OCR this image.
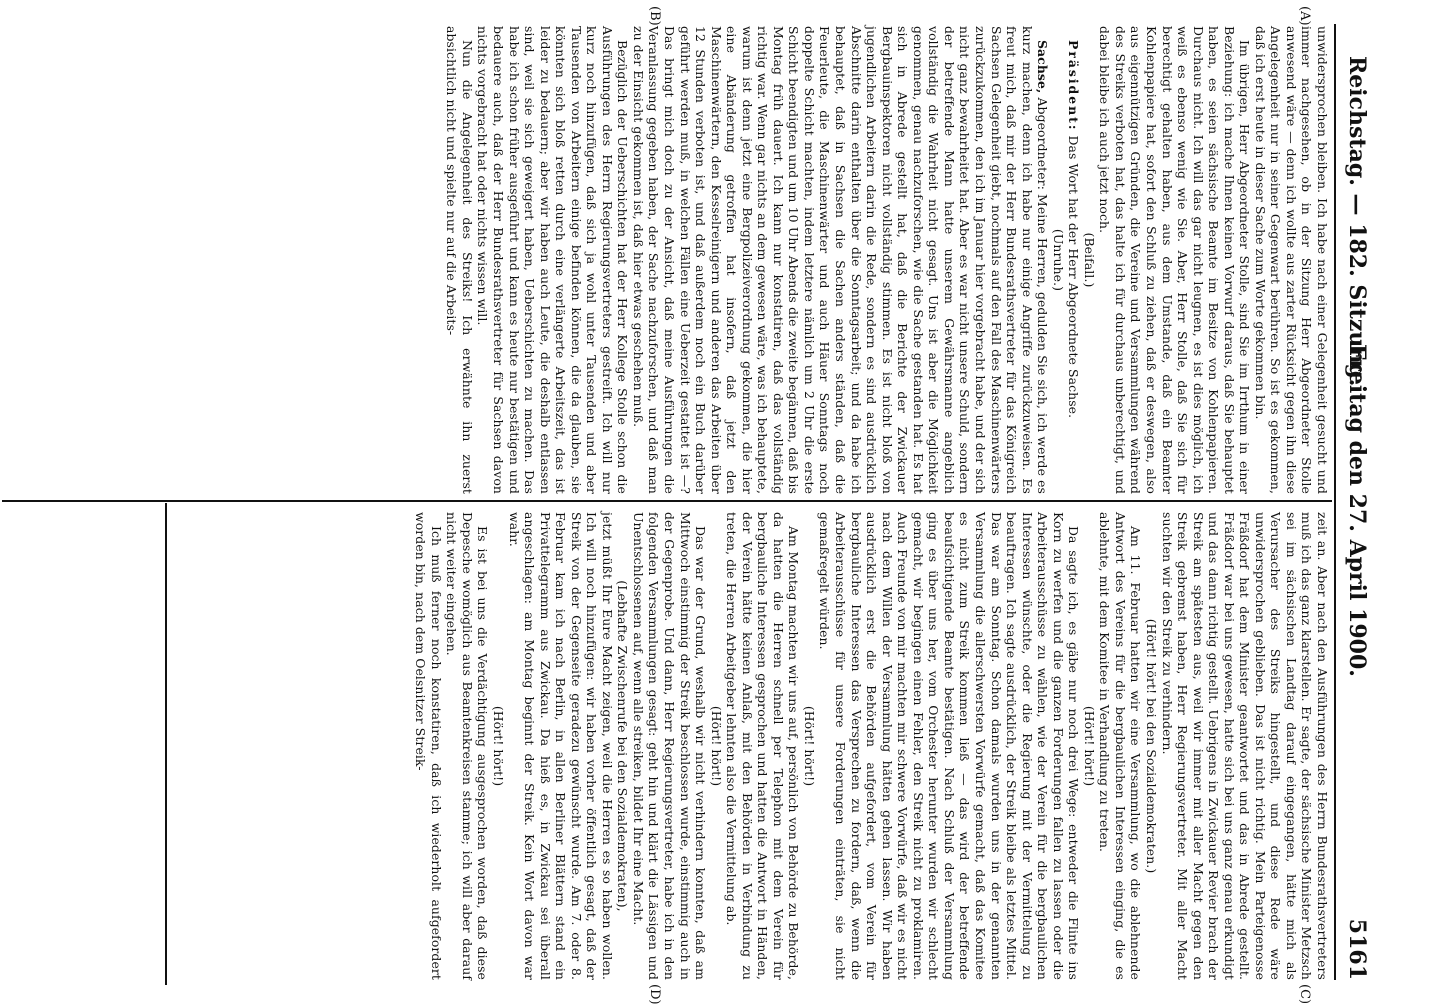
Reichstag. — 182. Sitzung.
Freitag den 27. April 1900.
5161
(A)
(B)
(C)
(D)

unwidersprochen bleiben. Ich habe nach einer Gelegenheit gesucht und immer nachgesehen, ob in der Sitzung Herr Abgeordneter Stolle anwesend wäre — denn ich wollte aus zarter Rücksicht gegen ihn diese Angelegenheit nur in seiner Gegenwart berühren. So ist es gekommen, daß ich erst heute in dieser Sache zum Worte gekommen bin.

Im übrigen, Herr Abgeordneter Stolle, sind Sie im Irrthum in einer Beziehung: ich mache Ihnen keinen Vorwurf daraus, daß Sie behauptet haben, es seien sächsische Beamte im Besitze von Kohlenpapieren. Durchaus nicht. Ich will das gar nicht leugnen, es ist dies möglich, ich weiß es ebenso wenig wie Sie. Aber, Herr Stolle, daß Sie sich für berechtigt gehalten haben, aus dem Umstande, daß ein Beamter Kohlenpapiere hat, sofort den Schluß zu ziehen, daß er deswegen, also aus eigennützigen Gründen, die Vereine und Versammlungen während des Streiks verboten hat, das halte ich für durchaus unberechtigt, und dabei bleibe ich auch jetzt noch.

(Beifall.)

Präsident: Das Wort hat der Herr Abgeordnete Sachse.

(Unruhe.)

Sachse, Abgeordneter: Meine Herren, gedulden Sie sich, ich werde es kurz machen, denn ich habe nur einige Angriffe zurückzuweisen. Es freut mich, daß mir der Herr Bundesrathsvertreter für das Königreich Sachsen Gelegenheit giebt, nochmals auf den Fall des Maschinenwärters zurückzukommen, den ich im Januar hier vorgebracht habe, und der sich nicht ganz bewahrheitet hat. Aber es war nicht unsere Schuld, sondern der betreffende Mann hatte unserem Gewährsmanne angeblich vollständig die Wahrheit nicht gesagt. Uns ist aber die Möglichkeit genommen, genau nachzuforschen, wie die Sache gestanden hat. Es hat sich in Abrede gestellt hat, daß die Berichte der Zwickauer Bergbauinspektoren nicht vollständig stimmen. Es ist nicht bloß von jugendlichen Arbeitern darin die Rede, sondern es sind ausdrücklich Abschnitte darin enthalten über die Sonntagsarbeit; und da habe ich behauptet, daß in Sachsen die Sachen anders ständen, daß die Feuerleute, die Maschinenwärter und auch Häuer Sonntags noch doppelte Schicht machten, indem letztere nämlich um 2 Uhr die erste Schicht beendigten und um 10 Uhr Abends die zweite begännen, daß bis Montag früh dauert. Ich kann nur konstatiren, daß das vollständig richtig war. Wenn gar nichts an dem gewesen wäre, was ich behauptete, warum ist denn jetzt eine Bergpolizeiverordnung gekommen, die hier eine Abänderung getroffen hat insofern, daß jetzt den Maschinenwärtern, den Kesselreinigern und anderen das Arbeiten über 12 Stunden verboten ist, und daß außerdem noch ein Buch darüber geführt werden muß, in welchen Fällen eine Ueberzeit gestattet ist —? Das bringt mich doch zu der Ansicht, daß meine Ausführungen die Veranlassung gegeben haben, der Sache nachzuforschen, und daß man zu der Einsicht gekommen ist, daß hier etwas geschehen muß.

Bezüglich der Ueberschichten hat der Herr Kollege Stolle schon die Ausführungen des Herrn Regierungsvertreters gestreift. Ich will nur kurz noch hinzufügen, daß sich ja wohl unter Tausenden und aber Tausenden von Arbeitern einige befinden können, die da glauben, sie könnten sich bloß retten durch eine verlängerte Arbeitszeit, das ist leider zu bedauern; aber wir haben auch Leute, die deshalb entlassen sind, weil sie sich geweigert haben, Ueberschichten zu machen. Das habe ich schon früher ausgeführt und kann es heute nur bestätigen und bedauere auch, daß der Herr Bundesrathsvertreter für Sachsen davon nichts vorgebracht hat oder nichts wissen will.

Nun die Angelegenheit des Streiks! Ich erwähnte ihn zuerst absichtlich nicht und spielte nur auf die Arbeits-

zeit an. Aber nach den Ausführungen des Herrn Bundesrathsvertreters muß ich das ganz klarstellen. Er sagte, der sächsische Minister Metzsch sei im sächsischen Landtag darauf eingegangen, hätte mich als Verursacher des Streiks hingestellt, und diese Rede wäre unwidersprochen geblieben. Das ist nicht richtig. Mein Parteigenosse Fräßdorf hat dem Minister geantwortet und das in Abrede gestellt. Fräßdorf war bei uns gewesen, hatte sich bei uns ganz genau erkundigt und das dann richtig gestellt. Uebrigens in Zwickauer Revier brach der Streik am spätesten aus, weil wir immer mit aller Macht gegen den Streik gebremst haben, Herr Regierungsvertreter. Mit aller Macht suchten wir den Streik zu verhindern.

(Hört! hört! bei den Sozialdemokraten.)

Am 11. Februar hatten wir eine Versammlung, wo die ablehnende Antwort des Vereins für die bergbaulichen Interessen einging, die es ablehnte, mit dem Komitee in Verhandlung zu treten.

(Hört! hört!)

Da sagte ich, es gäbe nur noch drei Wege: entweder die Flinte ins Korn zu werfen und die ganzen Forderungen fallen zu lassen oder die Arbeiterausschüsse zu wählen, wie der Verein für die bergbaulichen Interessen wünschte, oder die Regierung mit der Vermittelung zu beauftragen. Ich sagte ausdrücklich, der Streik bleibe als letztes Mittel. Das war am Sonntag. Schon damals wurden uns in der genannten Versammlung die allerschwersten Vorwürfe gemacht, daß das Komitee es nicht zum Streik kommen ließ — das wird der betreffende beaufsichtigende Beamte bestätigen. Nach Schluß der Versammlung ging es über uns her, vom Orchester herunter wurden wir schlecht gemacht, wir begingen einen Fehler, den Streik nicht zu proklamiren. Auch Freunde von mir machten mir schwere Vorwürfe, daß wir es nicht nach dem Willen der Versammlung hätten gehen lassen. Wir haben ausdrücklich erst die Behörden aufgefordert, vom Verein für bergbauliche Interessen das Versprechen zu fordern, daß, wenn die Arbeiterausschüsse für unsere Forderungen einträten, sie nicht gemaßregelt würden.

(Hört! hört!)

Am Montag machten wir uns auf, persönlich von Behörde zu Behörde, da hatten die Herren schnell per Telephon mit dem Verein für bergbauliche Interessen gesprochen und hatten die Antwort in Händen, der Verein hätte keinen Anlaß, mit den Behörden in Verbindung zu treten, die Herren Arbeitgeber lehnten also die Vermittelung ab.

(Hört! hört!)

Das war der Grund, weshalb wir nicht verhindern konnten, daß am Mittwoch einstimmig der Streik beschlossen wurde, einstimmig auch in der Gegenprobe. Und dann, Herr Regierungsvertreter, habe ich in den folgenden Versammlungen gesagt: geht hin und klärt die Lässigen und Unentschlossenen auf, wenn alle streiken, bildet Ihr eine Macht.

(Lebhafte Zwischenrufe bei den Sozialdemokraten),

jetzt müßt Ihr Eure Macht zeigen, weil die Herren es so haben wollen. Ich will noch hinzufügen: wir haben vorher öffentlich gesagt, daß der Streik von der Gegenseite geradezu gewünscht wurde. Am 7. oder 8. Februar kam ich nach Berlin, in allen Berliner Blättern stand ein Privattelegramm aus Zwickau. Da hieß es, in Zwickau sei überall angeschlagen: am Montag beginnt der Streik. Kein Wort davon war wahr.

(Hört! hört!)

Es ist bei uns die Verdächtigung ausgesprochen worden, daß diese Depesche womöglich aus Beamtenkreisen stamme; ich will aber darauf nicht weiter eingehen.

Ich muß ferner noch konstatiren, daß ich wiederholt aufgefordert worden bin, nach dem Oelsnitzer Streik-
